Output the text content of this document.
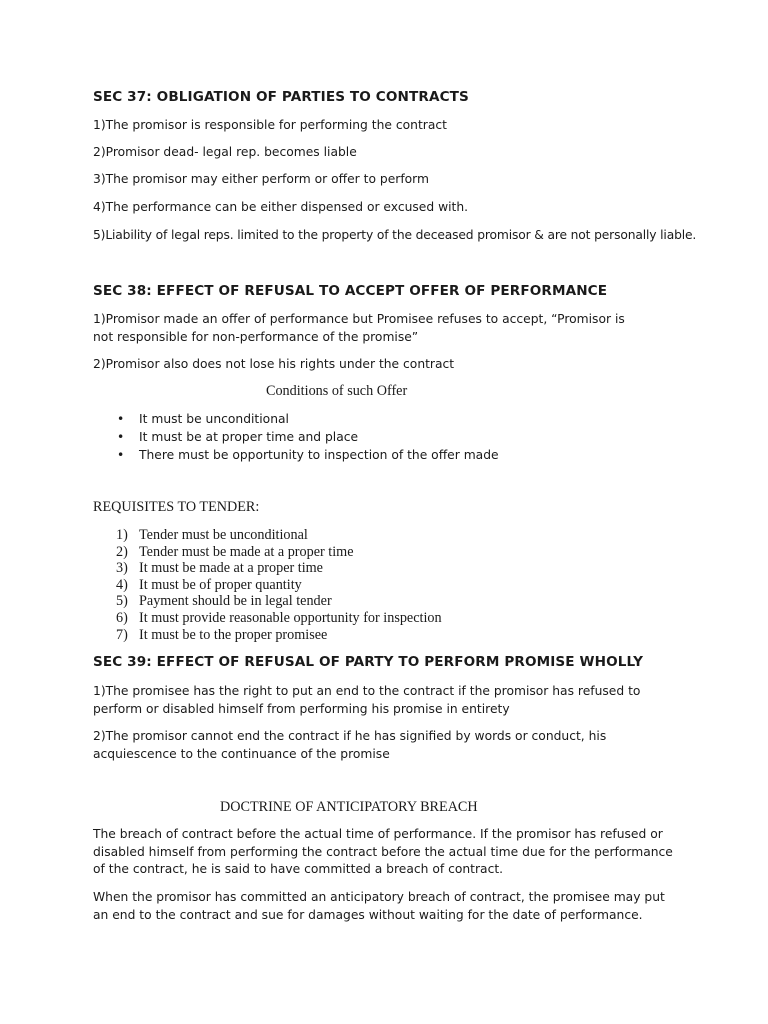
SEC 37: OBLIGATION OF PARTIES TO CONTRACTS

1)The promisor is responsible for performing the contract

2)Promisor dead- legal rep. becomes liable

3)The promisor may either perform or offer to perform

4)The performance can be either dispensed or excused with.

5)Liability of legal reps. limited to the property of the deceased promisor & are not personally liable.

SEC 38: EFFECT OF REFUSAL TO ACCEPT OFFER OF PERFORMANCE

1)Promisor made an offer of performance but Promisee refuses to accept, “Promisor is not responsible for non-performance of the promise”

2)Promisor also does not lose his rights under the contract

Conditions of such Offer

• It must be unconditional
• It must be at proper time and place
• There must be opportunity to inspection of the offer made

REQUISITES TO TENDER:

1) Tender must be unconditional
2) Tender must be made at a proper time
3) It must be made at a proper time
4) It must be of proper quantity
5) Payment should be in legal tender
6) It must provide reasonable opportunity for inspection
7) It must be to the proper promisee
SEC 39: EFFECT OF REFUSAL OF PARTY TO PERFORM PROMISE WHOLLY

1)The promisee has the right to put an end to the contract if the promisor has refused to perform or disabled himself from performing his promise in entirety

2)The promisor cannot end the contract if he has signified by words or conduct, his acquiescence to the continuance of the promise

DOCTRINE OF ANTICIPATORY BREACH

The breach of contract before the actual time of performance. If the promisor has refused or disabled himself from performing the contract before the actual time due for the performance of the contract, he is said to have committed a breach of contract.

When the promisor has committed an anticipatory breach of contract, the promisee may put an end to the contract and sue for damages without waiting for the date of performance.
